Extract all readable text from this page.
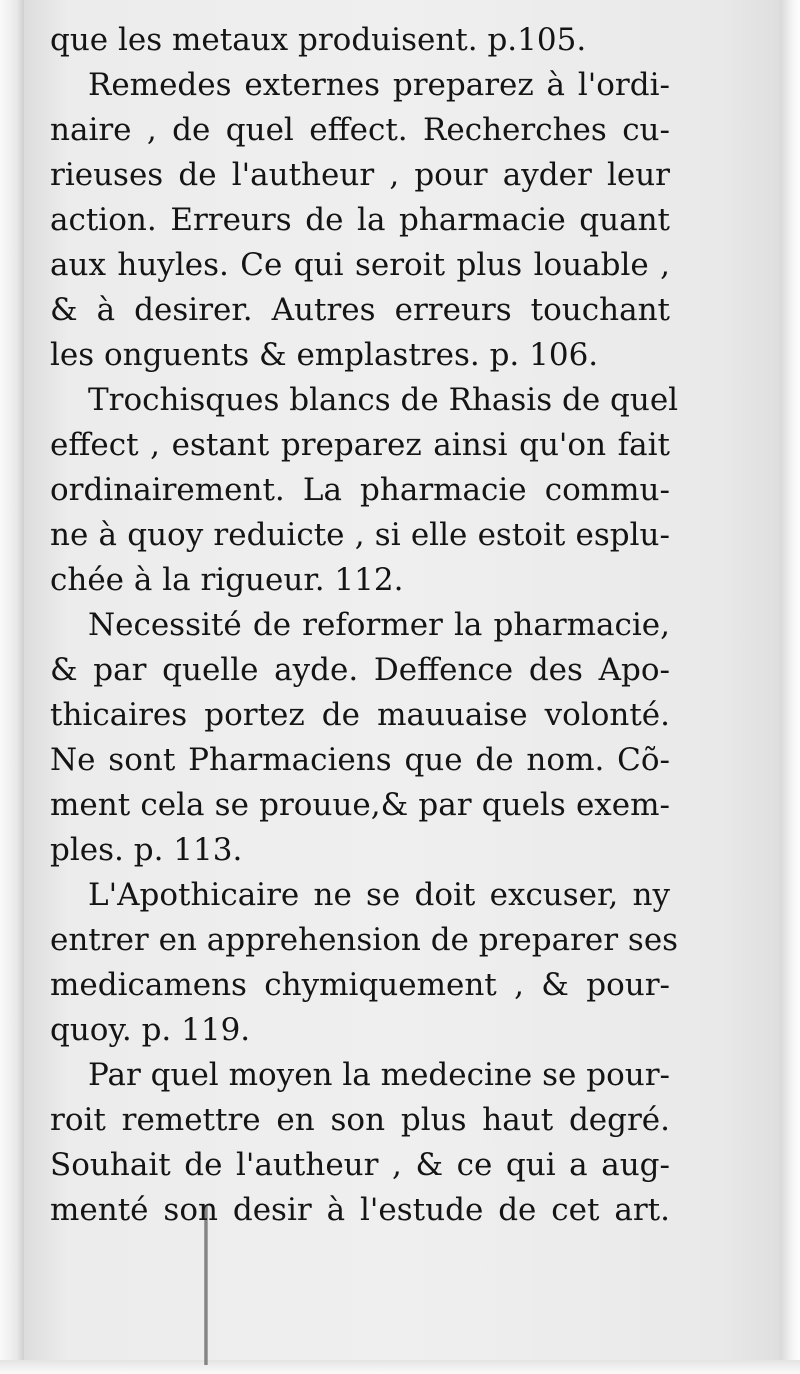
que les metaux produisent. p.105.
Remedes externes preparez à l'ordi-
naire , de quel effect. Recherches cu-
rieuses de l'autheur , pour ayder leur
action. Erreurs de la pharmacie quant
aux huyles. Ce qui seroit plus louable ,
& à desirer. Autres erreurs touchant
les onguents & emplastres. p. 106.
Trochisques blancs de Rhasis de quel
effect , estant preparez ainsi qu'on fait
ordinairement. La pharmacie commu-
ne à quoy reduicte , si elle estoit esplu-
chée à la rigueur. 112.
Necessité de reformer la pharmacie,
& par quelle ayde. Deffence des Apo-
thicaires portez de mauuaise volonté.
Ne sont Pharmaciens que de nom. Cõ-
ment cela se prouue,& par quels exem-
ples. p. 113.
L'Apothicaire ne se doit excuser, ny
entrer en apprehension de preparer ses
medicamens chymiquement , & pour-
quoy. p. 119.
Par quel moyen la medecine se pour-
roit remettre en son plus haut degré.
Souhait de l'autheur , & ce qui a aug-
menté son desir à l'estude de cet art.
